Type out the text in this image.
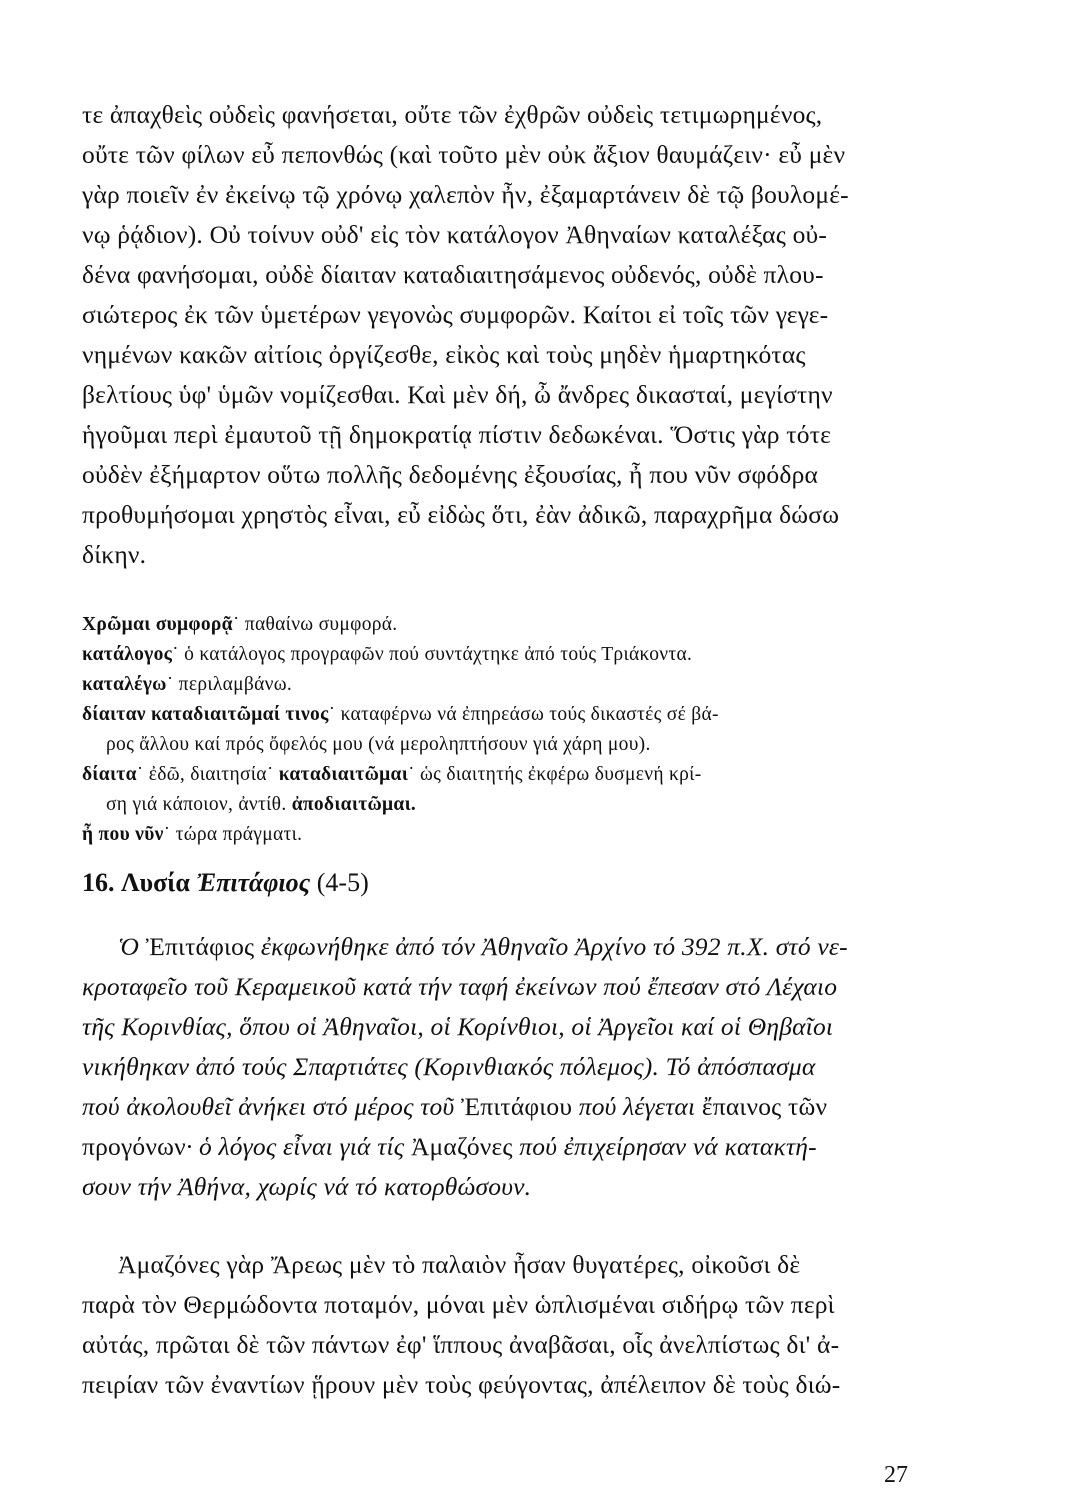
τε ἀπαχθεὶς οὐδεὶς φανήσεται, οὔτε τῶν ἐχθρῶν οὐδεὶς τετιμωρημένος,
οὔτε τῶν φίλων εὖ πεπονθώς (καὶ τοῦτο μὲν οὐκ ἄξιον θαυμάζειν· εὖ μὲν
γὰρ ποιεῖν ἐν ἐκείνῳ τῷ χρόνῳ χαλεπὸν ἦν, ἐξαμαρτάνειν δὲ τῷ βουλομέ-
νῳ ῥᾴδιον). Οὐ τοίνυν οὐδ' εἰς τὸν κατάλογον Ἀθηναίων καταλέξας οὐ-
δένα φανήσομαι, οὐδὲ δίαιταν καταδιαιτησάμενος οὐδενός, οὐδὲ πλου-
σιώτερος ἐκ τῶν ὑμετέρων γεγονὼς συμφορῶν. Καίτοι εἰ τοῖς τῶν γεγε-
νημένων κακῶν αἰτίοις ὀργίζεσθε, εἰκὸς καὶ τοὺς μηδὲν ἡμαρτηκότας
βελτίους ὑφ' ὑμῶν νομίζεσθαι. Καὶ μὲν δή, ὦ ἄνδρες δικασταί, μεγίστην
ἡγοῦμαι περὶ ἐμαυτοῦ τῇ δημοκρατίᾳ πίστιν δεδωκέναι. Ὅστις γὰρ τότε
οὐδὲν ἐξήμαρτον οὕτω πολλῆς δεδομένης ἐξουσίας, ἦ που νῦν σφόδρα
προθυμήσομαι χρηστὸς εἶναι, εὖ εἰδὼς ὅτι, ἐὰν ἀδικῶ, παραχρῆμα δώσω
δίκην.
Χρῶμαι συμφορᾷ˙ παθαίνω συμφορά.
κατάλογος˙ ὁ κατάλογος προγραφῶν πού συντάχτηκε ἀπό τούς Τριάκοντα.
καταλέγω˙ περιλαμβάνω.
δίαιταν καταδιαιτῶμαί τινος˙ καταφέρνω νά ἐπηρεάσω τούς δικαστές σέ βά-
ρος ἄλλου καί πρός ὄφελός μου (νά μεροληπτήσουν γιά χάρη μου).
δίαιτα˙ ἐδῶ, διαιτησία˙ καταδιαιτῶμαι˙ ὡς διαιτητής ἐκφέρω δυσμενή κρί-
ση γιά κάποιον, ἀντίθ. ἀποδιαιτῶμαι.
ἦ που νῦν˙ τώρα πράγματι.
16. Λυσία Ἐπιτάφιος (4-5)
Ὁ Ἐπιτάφιος ἐκφωνήθηκε ἀπό τόν Ἀθηναῖο Ἀρχίνο τό 392 π.Χ. στό νε-
κροταφεῖο τοῦ Κεραμεικοῦ κατά τήν ταφή ἐκείνων πού ἔπεσαν στό Λέχαιο
τῆς Κορινθίας, ὅπου οἱ Ἀθηναῖοι, οἱ Κορίνθιοι, οἱ Ἀργεῖοι καί οἱ Θηβαῖοι
νικήθηκαν ἀπό τούς Σπαρτιάτες (Κορινθιακός πόλεμος). Τό ἀπόσπασμα
πού ἀκολουθεῖ ἀνήκει στό μέρος τοῦ Ἐπιτάφιου πού λέγεται ἔπαινος τῶν
προγόνων· ὁ λόγος εἶναι γιά τίς Ἀμαζόνες πού ἐπιχείρησαν νά κατακτή-
σουν τήν Ἀθήνα, χωρίς νά τό κατορθώσουν.
Ἀμαζόνες γὰρ Ἄρεως μὲν τὸ παλαιὸν ἦσαν θυγατέρες, οἰκοῦσι δὲ
παρὰ τὸν Θερμώδοντα ποταμόν, μόναι μὲν ὡπλισμέναι σιδήρῳ τῶν περὶ
αὐτάς, πρῶται δὲ τῶν πάντων ἐφ' ἵππους ἀναβᾶσαι, οἷς ἀνελπίστως δι' ἀ-
πειρίαν τῶν ἐναντίων ᾕρουν μὲν τοὺς φεύγοντας, ἀπέλειπον δὲ τοὺς διώ-
27
